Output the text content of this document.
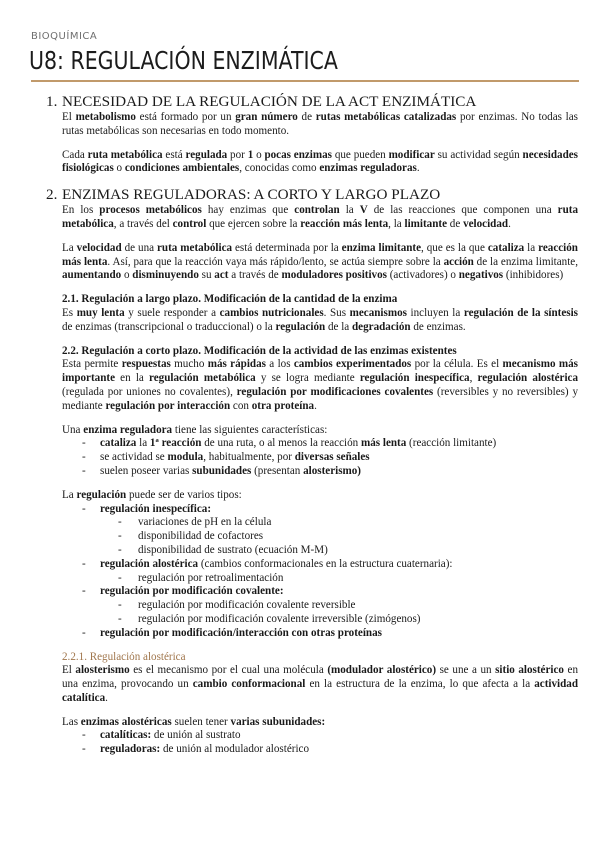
BIOQUÍMICA
U8: REGULACIÓN ENZIMÁTICA
1. NECESIDAD DE LA REGULACIÓN DE LA ACT ENZIMÁTICA

El metabolismo está formado por un gran número de rutas metabólicas catalizadas por enzimas. No todas las rutas metabólicas son necesarias en todo momento.

Cada ruta metabólica está regulada por 1 o pocas enzimas que pueden modificar su actividad según necesidades fisiológicas o condiciones ambientales, conocidas como enzimas reguladoras.

2. ENZIMAS REGULADORAS: A CORTO Y LARGO PLAZO

En los procesos metabólicos hay enzimas que controlan la V de las reacciones que componen una ruta metabólica, a través del control que ejercen sobre la reacción más lenta, la limitante de velocidad.

La velocidad de una ruta metabólica está determinada por la enzima limitante, que es la que cataliza la reacción más lenta. Así, para que la reacción vaya más rápido/lento, se actúa siempre sobre la acción de la enzima limitante, aumentando o disminuyendo su act a través de moduladores positivos (activadores) o negativos (inhibidores)

2.1. Regulación a largo plazo. Modificación de la cantidad de la enzima

Es muy lenta y suele responder a cambios nutricionales. Sus mecanismos incluyen la regulación de la síntesis de enzimas (transcripcional o traduccional) o la regulación de la degradación de enzimas.

2.2. Regulación a corto plazo. Modificación de la actividad de las enzimas existentes

Esta permite respuestas mucho más rápidas a los cambios experimentados por la célula. Es el mecanismo más importante en la regulación metabólica y se logra mediante regulación inespecífica, regulación alostérica (regulada por uniones no covalentes), regulación por modificaciones covalentes (reversibles y no reversibles) y mediante regulación por interacción con otra proteína.

Una enzima reguladora tiene las siguientes características:

- cataliza la 1ª reacción de una ruta, o al menos la reacción más lenta (reacción limitante)
- se actividad se modula, habitualmente, por diversas señales
- suelen poseer varias subunidades (presentan alosterismo)

La regulación puede ser de varios tipos:

- regulación inespecífica:
- variaciones de pH en la célula
- disponibilidad de cofactores
- disponibilidad de sustrato (ecuación M-M)
- regulación alostérica (cambios conformacionales en la estructura cuaternaria):
- regulación por retroalimentación
- regulación por modificación covalente:
- regulación por modificación covalente reversible
- regulación por modificación covalente irreversible (zimógenos)
- regulación por modificación/interacción con otras proteínas
2.2.1. Regulación alostérica

El alosterismo es el mecanismo por el cual una molécula (modulador alostérico) se une a un sitio alostérico en una enzima, provocando un cambio conformacional en la estructura de la enzima, lo que afecta a la actividad catalítica.

Las enzimas alostéricas suelen tener varias subunidades:

- catalíticas: de unión al sustrato
- reguladoras: de unión al modulador alostérico
